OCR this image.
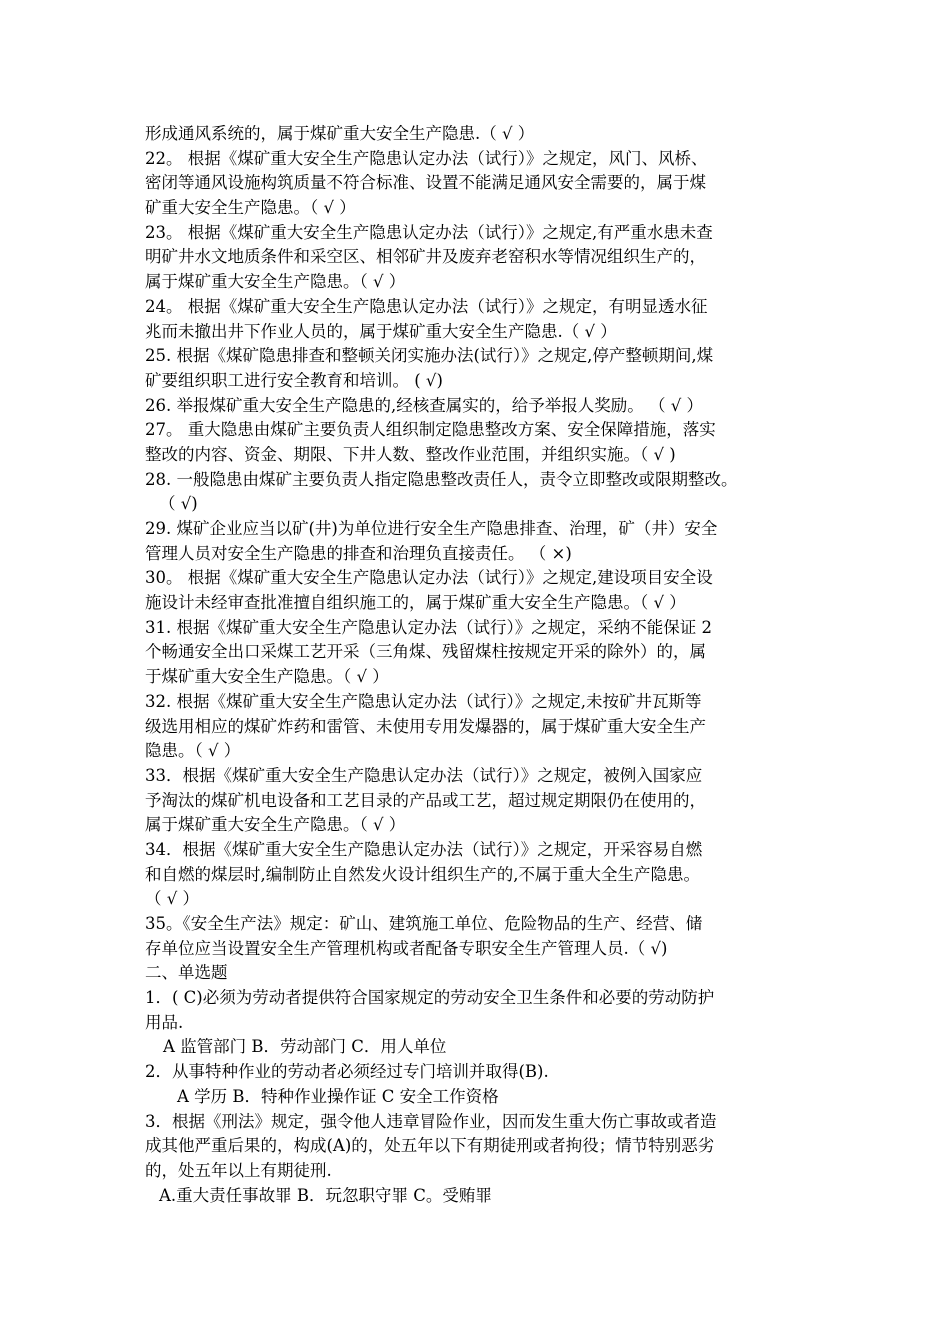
形成通风系统的，属于煤矿重大安全生产隐患.（ √ ）
22。 根据《煤矿重大安全生产隐患认定办法（试行）》之规定，风门、风桥、
密闭等通风设施构筑质量不符合标准、设置不能满足通风安全需要的，属于煤
矿重大安全生产隐患。（ √ ）
23。 根据《煤矿重大安全生产隐患认定办法（试行）》之规定,有严重水患未查
明矿井水文地质条件和采空区、相邻矿井及废弃老窑积水等情况组织生产的，
属于煤矿重大安全生产隐患。（ √ ）
24。 根据《煤矿重大安全生产隐患认定办法（试行）》之规定，有明显透水征
兆而未撤出井下作业人员的，属于煤矿重大安全生产隐患.（ √ ）
25. 根据《煤矿隐患排查和整顿关闭实施办法(试行）》之规定,停产整顿期间,煤
矿要组织职工进行安全教育和培训。 ( √)
26. 举报煤矿重大安全生产隐患的,经核查属实的，给予举报人奖励。 （ √ ）
27。 重大隐患由煤矿主要负责人组织制定隐患整改方案、安全保障措施，落实
整改的内容、资金、期限、下井人数、整改作业范围，并组织实施。（ √ )
28. 一般隐患由煤矿主要负责人指定隐患整改责任人，责令立即整改或限期整改。
（ √)
29. 煤矿企业应当以矿(井)为单位进行安全生产隐患排查、治理，矿（井）安全
管理人员对安全生产隐患的排查和治理负直接责任。 （ ×)
30。 根据《煤矿重大安全生产隐患认定办法（试行）》之规定,建设项目安全设
施设计未经审查批准擅自组织施工的，属于煤矿重大安全生产隐患。（ √ ）
31. 根据《煤矿重大安全生产隐患认定办法（试行）》之规定，采纳不能保证 2
个畅通安全出口采煤工艺开采（三角煤、残留煤柱按规定开采的除外）的，属
于煤矿重大安全生产隐患。（ √ ）
32. 根据《煤矿重大安全生产隐患认定办法（试行）》之规定,未按矿井瓦斯等
级选用相应的煤矿炸药和雷管、未使用专用发爆器的，属于煤矿重大安全生产
隐患。（ √ ）
33．根据《煤矿重大安全生产隐患认定办法（试行）》之规定，被例入国家应
予淘汰的煤矿机电设备和工艺目录的产品或工艺，超过规定期限仍在使用的，
属于煤矿重大安全生产隐患。（ √ ）
34．根据《煤矿重大安全生产隐患认定办法（试行）》之规定，开采容易自燃
和自燃的煤层时,编制防止自然发火设计组织生产的,不属于重大全生产隐患。
（ √ ）
35。《安全生产法》规定：矿山、建筑施工单位、危险物品的生产、经营、储
存单位应当设置安全生产管理机构或者配备专职安全生产管理人员.（ √)
二、单选题
1．( C)必须为劳动者提供符合国家规定的劳动安全卫生条件和必要的劳动防护
用品.
A 监管部门 B．劳动部门 C．用人单位
2．从事特种作业的劳动者必须经过专门培训并取得(B).
A 学历 B．特种作业操作证 C 安全工作资格
3．根据《刑法》规定，强令他人违章冒险作业，因而发生重大伤亡事故或者造
成其他严重后果的，构成(A)的，处五年以下有期徒刑或者拘役；情节特别恶劣
的，处五年以上有期徒刑.
A.重大责任事故罪 B．玩忽职守罪 C。受贿罪
